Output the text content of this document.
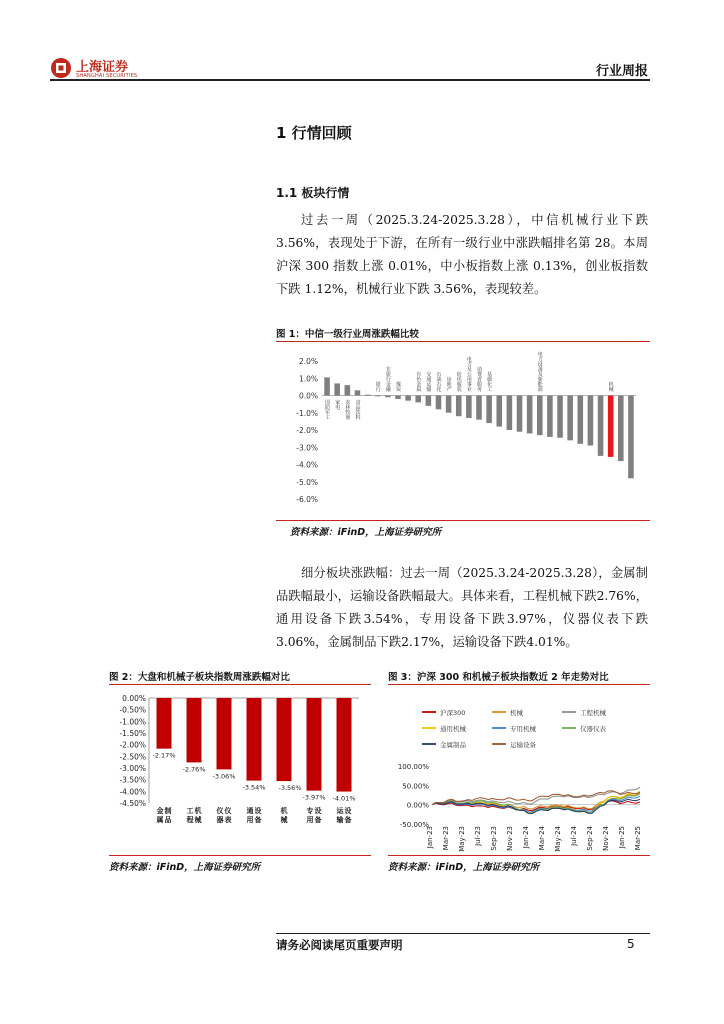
上海证券
SHANGHAI SECURITIES	行业周报
1 行情回顾
1.1 板块行情

过去一周（2025.3.24-2025.3.28），中信机械行业下跌3.56%，表现处于下游，在所有一级行业中涨跌幅排名第 28。本周沪深 300 指数上涨 0.01%，中小板指数上涨 0.13%，创业板指数下跌 1.12%，机械行业下跌 3.56%，表现较差。

图 1：中信一级行业周涨跌幅比较
2.0%
1.0%
0.0%
-1.0%
-2.0%
-3.0%
-4.0%
-5.0%
-6.0%
国防军工 家电 农林牧渔 食品饮料
银行 非银行金融 煤炭	有色金属 交通运输 石油石化 房地产 纺织服装 电力及公用事业 消费者服务 基础化工	电力设备及新能源	机械
资料来源：iFinD，上海证券研究所

细分板块涨跌幅：过去一周（2025.3.24-2025.3.28），金属制品跌幅最小，运输设备跌幅最大。具体来看，工程机械下跌2.76%，通用设备下跌3.54%，专用设备下跌3.97%，仪器仪表下跌3.06%，金属制品下跌2.17%，运输设备下跌4.01%。

图 2：大盘和机械子板块指数周涨跌幅对比
0.00%
-0.50%
-1.00%
-1.50%
-2.00%
-2.50%
-3.00%
-3.50%
-4.00%
-4.50%
-2.17%
金
属
制
品
-2.76%
工
程
机
械
-3.06%
仪
器
仪
表
-3.54%
通
用
设
备
-3.56%
机
械
-3.97%
专
用
设
备
-4.01%
运
输
设
备
资料来源：iFinD，上海证券研究所
图 3：沪深 300 和机械子板块指数近 2 年走势对比
沪深300	机械	工程机械
通用机械	专用机械	仪器仪表
金属制品	运输设备
100.00%
50.00%
0.00%
-50.00%
Jan-23 Mar-23 May-23 Jul-23 Sep-23 Nov-23 Jan-24 Mar-24 May-24 Jul-24 Sep-24 Nov-24 Jan-25 Mar-25
资料来源：iFinD，上海证券研究所
请务必阅读尾页重要声明	5
